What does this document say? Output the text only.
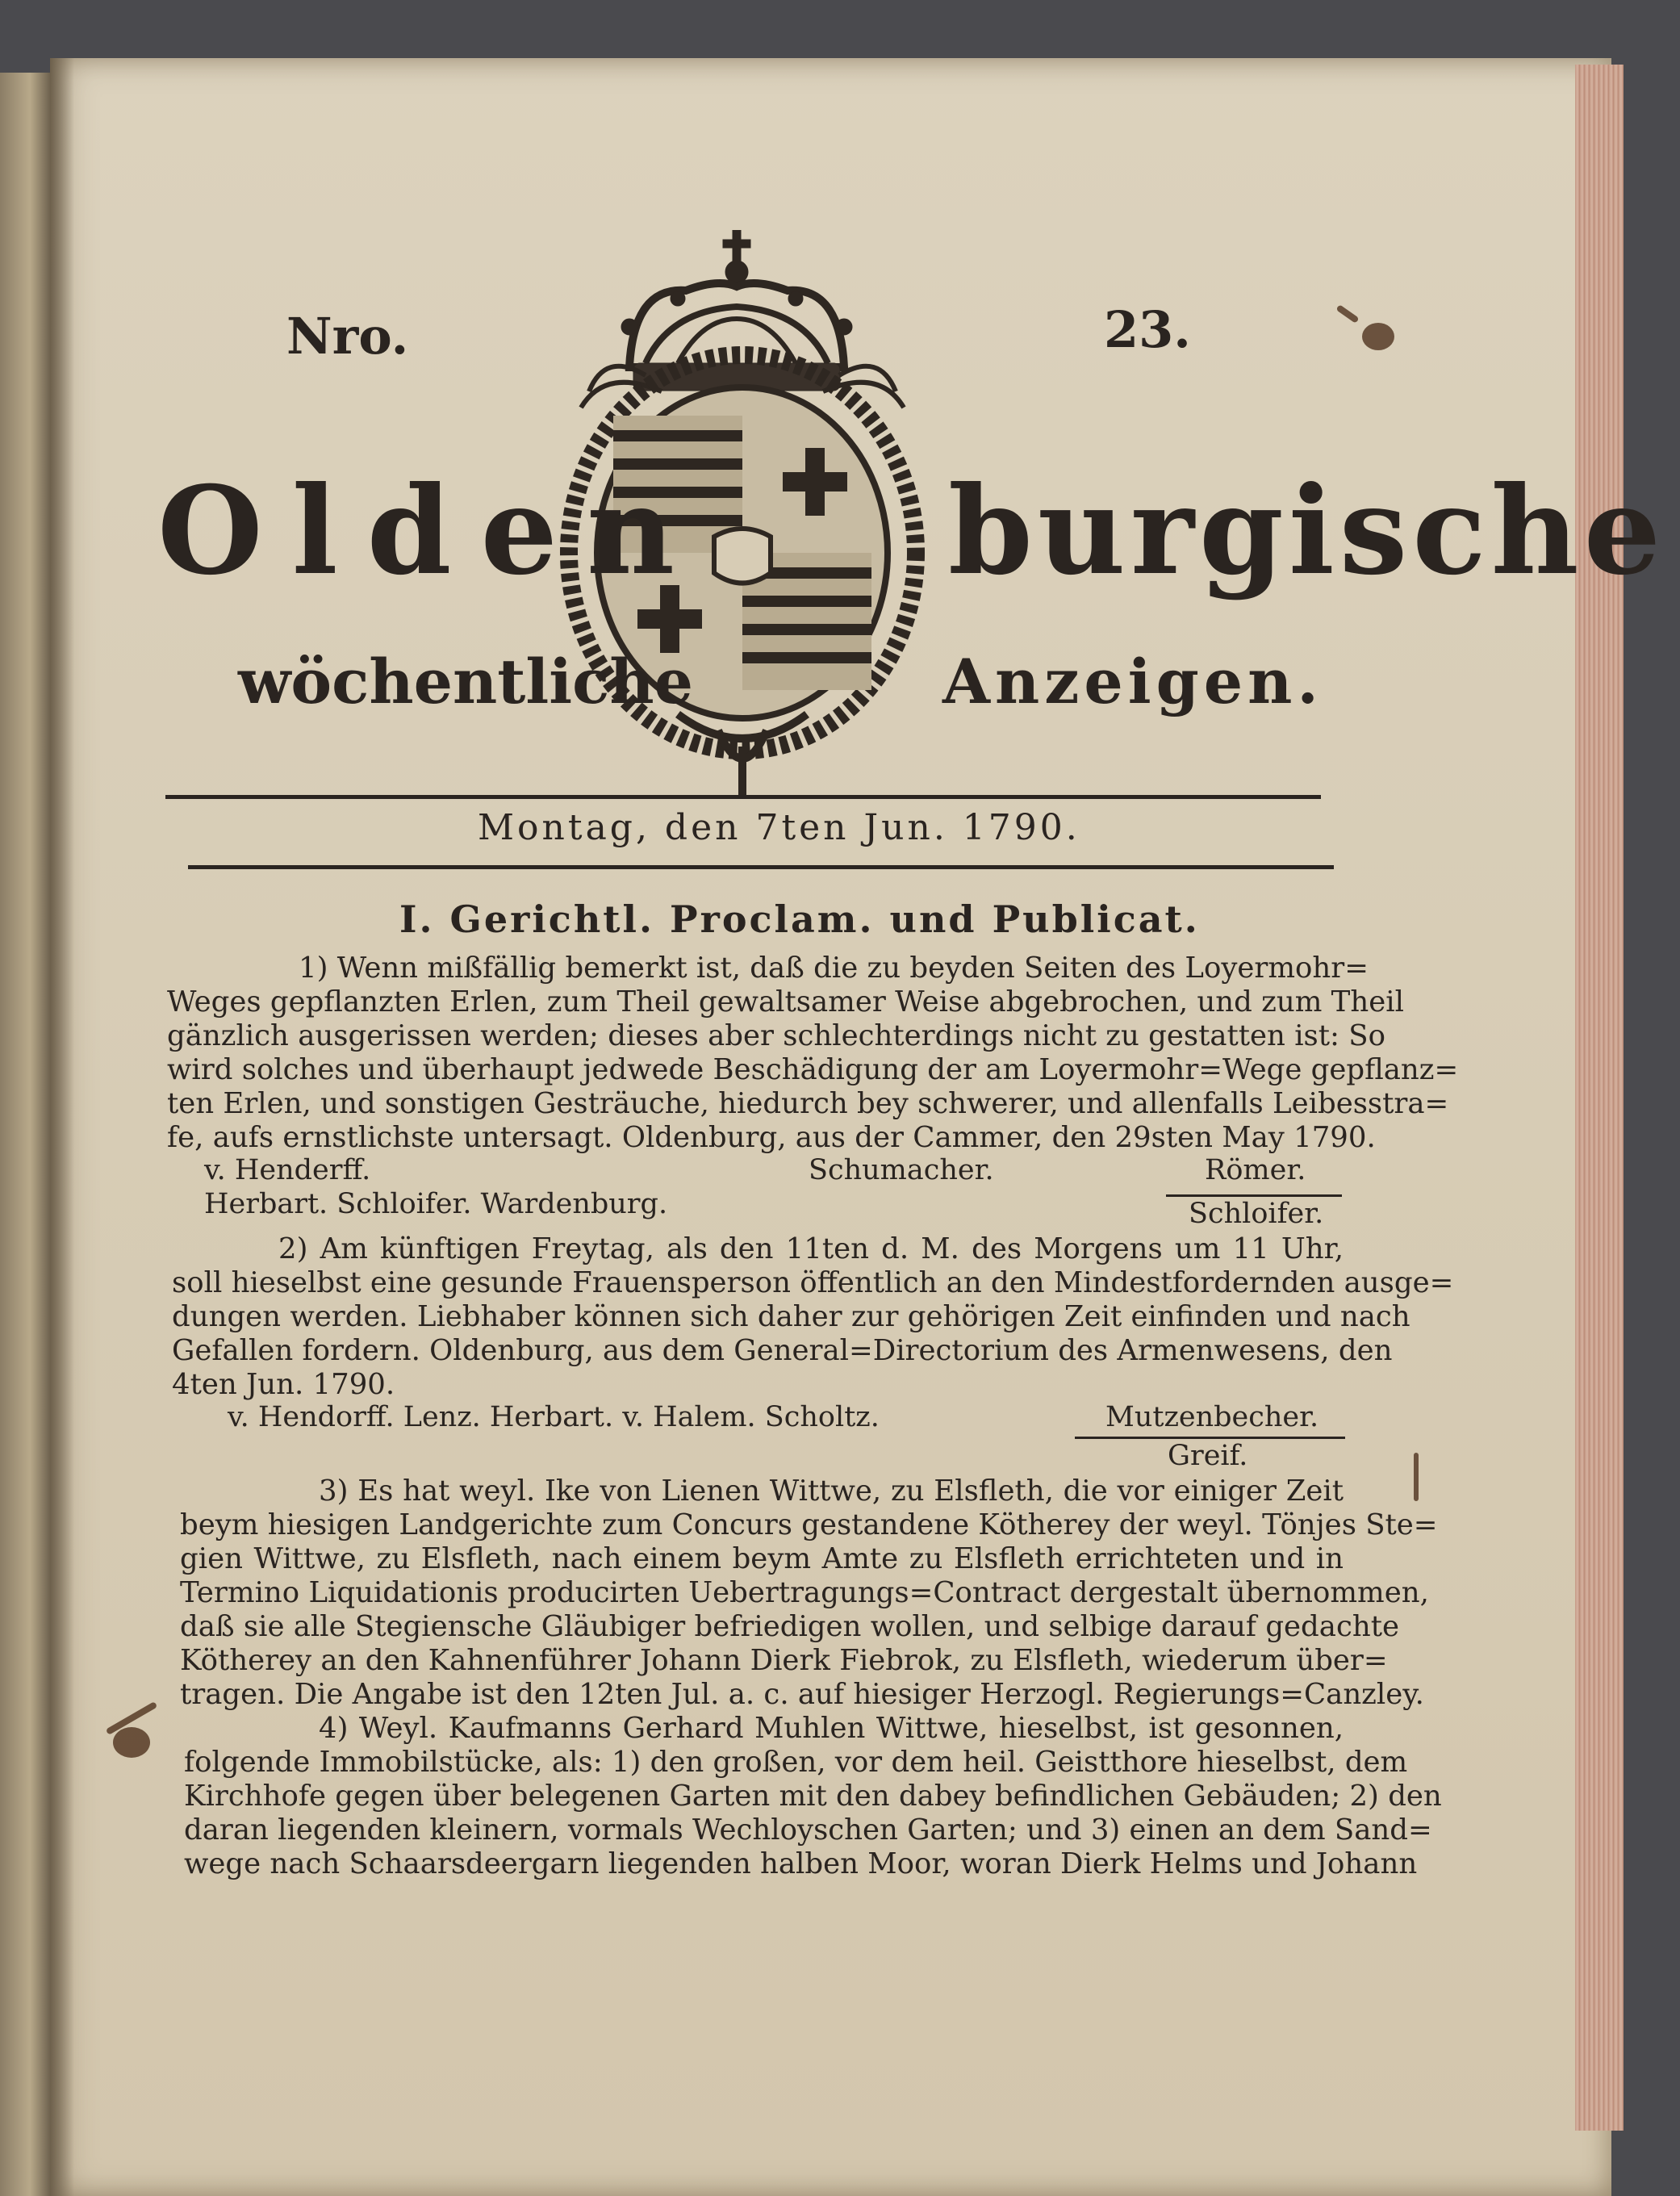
Nro.	23.
Olden burgische
wöchentliche	Anzeigen.
Montag, den 7ten Jun. 1790.
I. Gerichtl. Proclam. und Publicat.
1) Wenn mißfällig bemerkt ist, daß die zu beyden Seiten des Loyermohr=
Weges gepflanzten Erlen, zum Theil gewaltsamer Weise abgebrochen, und zum Theil
gänzlich ausgerissen werden; dieses aber schlechterdings nicht zu gestatten ist: So
wird solches und überhaupt jedwede Beschädigung der am Loyermohr=Wege gepflanz=
ten Erlen, und sonstigen Gesträuche, hiedurch bey schwerer, und allenfalls Leibesstra=
fe, aufs ernstlichste untersagt. Oldenburg, aus der Cammer, den 29sten May 1790.
v. Henderff.	Schumacher.	Römer.
Herbart. Schloifer. Wardenburg.	Schloifer.
2) Am künftigen Freytag, als den 11ten d. M. des Morgens um 11 Uhr,
soll hieselbst eine gesunde Frauensperson öffentlich an den Mindestfordernden ausge=
dungen werden. Liebhaber können sich daher zur gehörigen Zeit einfinden und nach
Gefallen fordern. Oldenburg, aus dem General=Directorium des Armenwesens, den
4ten Jun. 1790.
v. Hendorff. Lenz. Herbart. v. Halem. Scholtz.	Mutzenbecher.
Greif.
3) Es hat weyl. Ike von Lienen Wittwe, zu Elsfleth, die vor einiger Zeit
beym hiesigen Landgerichte zum Concurs gestandene Kötherey der weyl. Tönjes Ste=
gien Wittwe, zu Elsfleth, nach einem beym Amte zu Elsfleth errichteten und in
Termino Liquidationis producirten Uebertragungs=Contract dergestalt übernommen,
daß sie alle Stegiensche Gläubiger befriedigen wollen, und selbige darauf gedachte
Kötherey an den Kahnenführer Johann Dierk Fiebrok, zu Elsfleth, wiederum über=
tragen. Die Angabe ist den 12ten Jul. a. c. auf hiesiger Herzogl. Regierungs=Canzley.
4) Weyl. Kaufmanns Gerhard Muhlen Wittwe, hieselbst, ist gesonnen,
folgende Immobilstücke, als: 1) den großen, vor dem heil. Geistthore hieselbst, dem
Kirchhofe gegen über belegenen Garten mit den dabey befindlichen Gebäuden; 2) den
daran liegenden kleinern, vormals Wechloyschen Garten; und 3) einen an dem Sand=
wege nach Schaarsdeergarn liegenden halben Moor, woran Dierk Helms und Johann
